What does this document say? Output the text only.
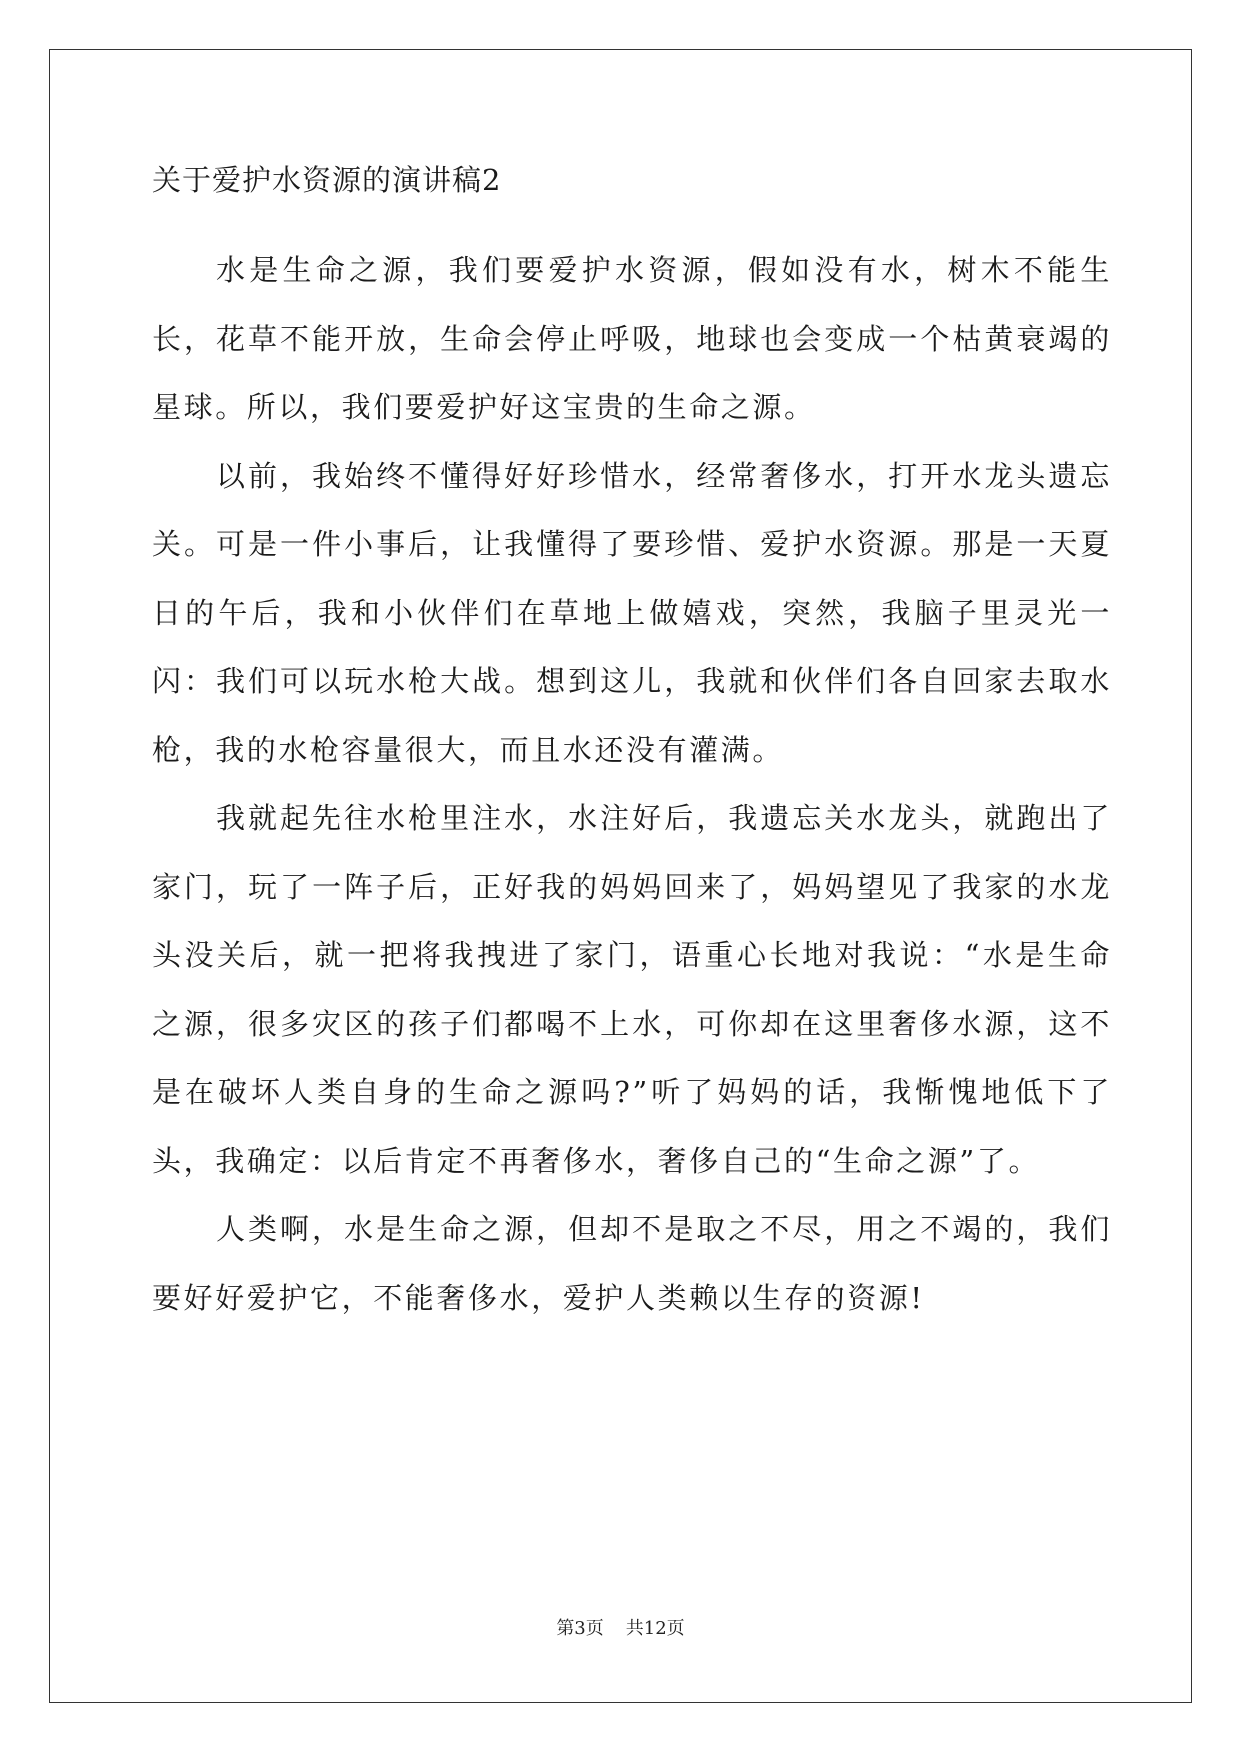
关于爱护水资源的演讲稿2

水是生命之源，我们要爱护水资源，假如没有水，树木不能生长，花草不能开放，生命会停止呼吸，地球也会变成一个枯黄衰竭的星球。所以，我们要爱护好这宝贵的生命之源。

以前，我始终不懂得好好珍惜水，经常奢侈水，打开水龙头遗忘关。可是一件小事后，让我懂得了要珍惜、爱护水资源。那是一天夏日的午后，我和小伙伴们在草地上做嬉戏，突然，我脑子里灵光一闪：我们可以玩水枪大战。想到这儿，我就和伙伴们各自回家去取水枪，我的水枪容量很大，而且水还没有灌满。

我就起先往水枪里注水，水注好后，我遗忘关水龙头，就跑出了家门，玩了一阵子后，正好我的妈妈回来了，妈妈望见了我家的水龙头没关后，就一把将我拽进了家门，语重心长地对我说：“水是生命之源，很多灾区的孩子们都喝不上水，可你却在这里奢侈水源，这不是在破坏人类自身的生命之源吗?”听了妈妈的话，我惭愧地低下了头，我确定：以后肯定不再奢侈水，奢侈自己的“生命之源”了。

人类啊，水是生命之源，但却不是取之不尽，用之不竭的，我们要好好爱护它，不能奢侈水，爱护人类赖以生存的资源!

第3页 共12页
